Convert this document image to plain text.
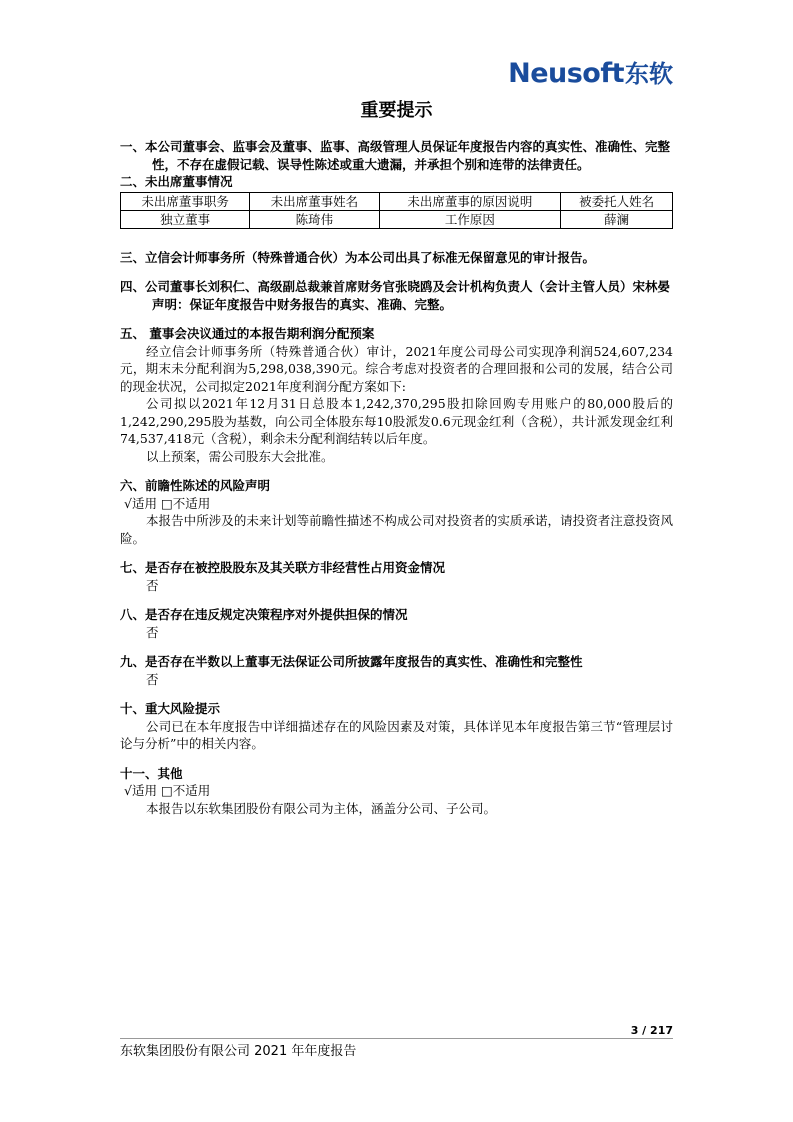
Neusoft 东软
重要提示
一、本公司董事会、监事会及董事、监事、高级管理人员保证年度报告内容的真实性、准确性、完整性，不存在虚假记载、误导性陈述或重大遗漏，并承担个别和连带的法律责任。
二、未出席董事情况
未出席董事职务	未出席董事姓名	未出席董事的原因说明	被委托人姓名
独立董事	陈琦伟	工作原因	薛澜
三、立信会计师事务所（特殊普通合伙）为本公司出具了标准无保留意见的审计报告。
四、公司董事长刘积仁、高级副总裁兼首席财务官张晓鸥及会计机构负责人（会计主管人员）宋林晏声明：保证年度报告中财务报告的真实、准确、完整。
五、 董事会决议通过的本报告期利润分配预案
经立信会计师事务所（特殊普通合伙）审计，2021年度公司母公司实现净利润524,607,234元，期末未分配利润为5,298,038,390元。综合考虑对投资者的合理回报和公司的发展，结合公司的现金状况，公司拟定2021年度利润分配方案如下:
公司拟以2021年12月31日总股本1,242,370,295股扣除回购专用账户的80,000股后的1,242,290,295股为基数，向公司全体股东每10股派发0.6元现金红利（含税），共计派发现金红利74,537,418元（含税），剩余未分配利润结转以后年度。
以上预案，需公司股东大会批准。
六、前瞻性陈述的风险声明
√适用 □不适用
本报告中所涉及的未来计划等前瞻性描述不构成公司对投资者的实质承诺，请投资者注意投资风险。
七、是否存在被控股股东及其关联方非经营性占用资金情况
否
八、是否存在违反规定决策程序对外提供担保的情况
否
九、是否存在半数以上董事无法保证公司所披露年度报告的真实性、准确性和完整性
否
十、重大风险提示
公司已在本年度报告中详细描述存在的风险因素及对策，具体详见本年度报告第三节“管理层讨论与分析”中的相关内容。
十一、其他
√适用 □不适用
本报告以东软集团股份有限公司为主体，涵盖分公司、子公司。
3 / 217
东软集团股份有限公司 2021 年年度报告
